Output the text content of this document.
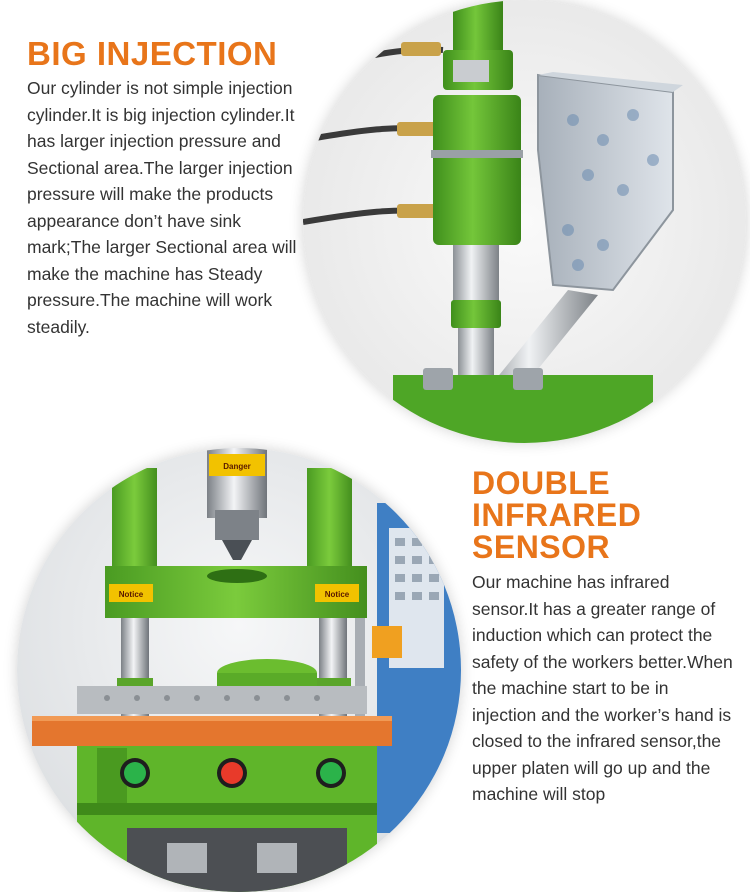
BIG INJECTION

Our cylinder is not simple injection cylinder.It is big injection cylinder.It has larger injection pressure and Sectional area.The larger injection pressure will make the products appearance don’t have sink mark;The larger Sectional area will make the machine has Steady pressure.The machine will work steadily.

DOUBLE
INFRARED
SENSOR

Our machine has infrared sensor.It has a greater range of induction which can protect the safety of the workers better.When the machine start to be in injection and the worker’s hand is closed to the infrared sensor,the upper platen will go up and the machine will stop

Notice	Notice
Danger
